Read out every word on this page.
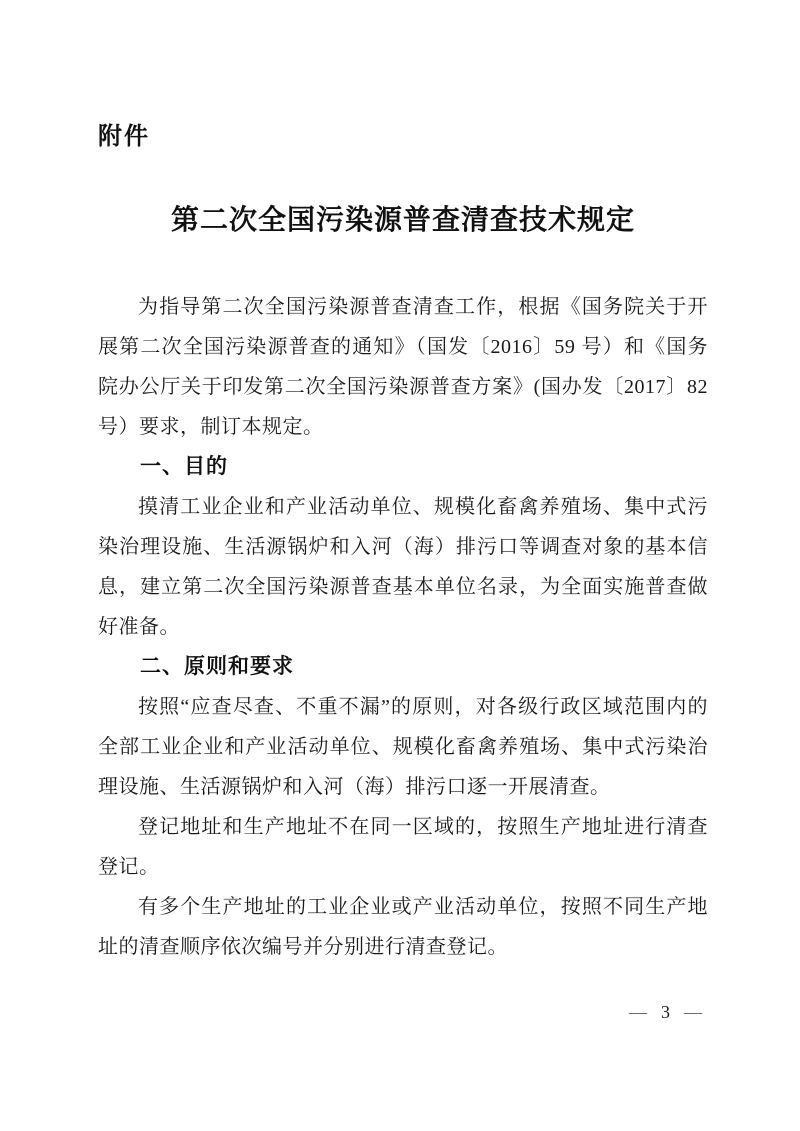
附件
第二次全国污染源普查清查技术规定

为指导第二次全国污染源普查清查工作，根据《国务院关于开展第二次全国污染源普查的通知》（国发〔2016〕59 号）和《国务院办公厅关于印发第二次全国污染源普查方案》(国办发〔2017〕82 号）要求，制订本规定。

一、目的

摸清工业企业和产业活动单位、规模化畜禽养殖场、集中式污染治理设施、生活源锅炉和入河（海）排污口等调查对象的基本信息，建立第二次全国污染源普查基本单位名录，为全面实施普查做好准备。

二、原则和要求

按照“应查尽查、不重不漏”的原则，对各级行政区域范围内的全部工业企业和产业活动单位、规模化畜禽养殖场、集中式污染治理设施、生活源锅炉和入河（海）排污口逐一开展清查。

登记地址和生产地址不在同一区域的，按照生产地址进行清查登记。

有多个生产地址的工业企业或产业活动单位，按照不同生产地址的清查顺序依次编号并分别进行清查登记。

— 3 —
